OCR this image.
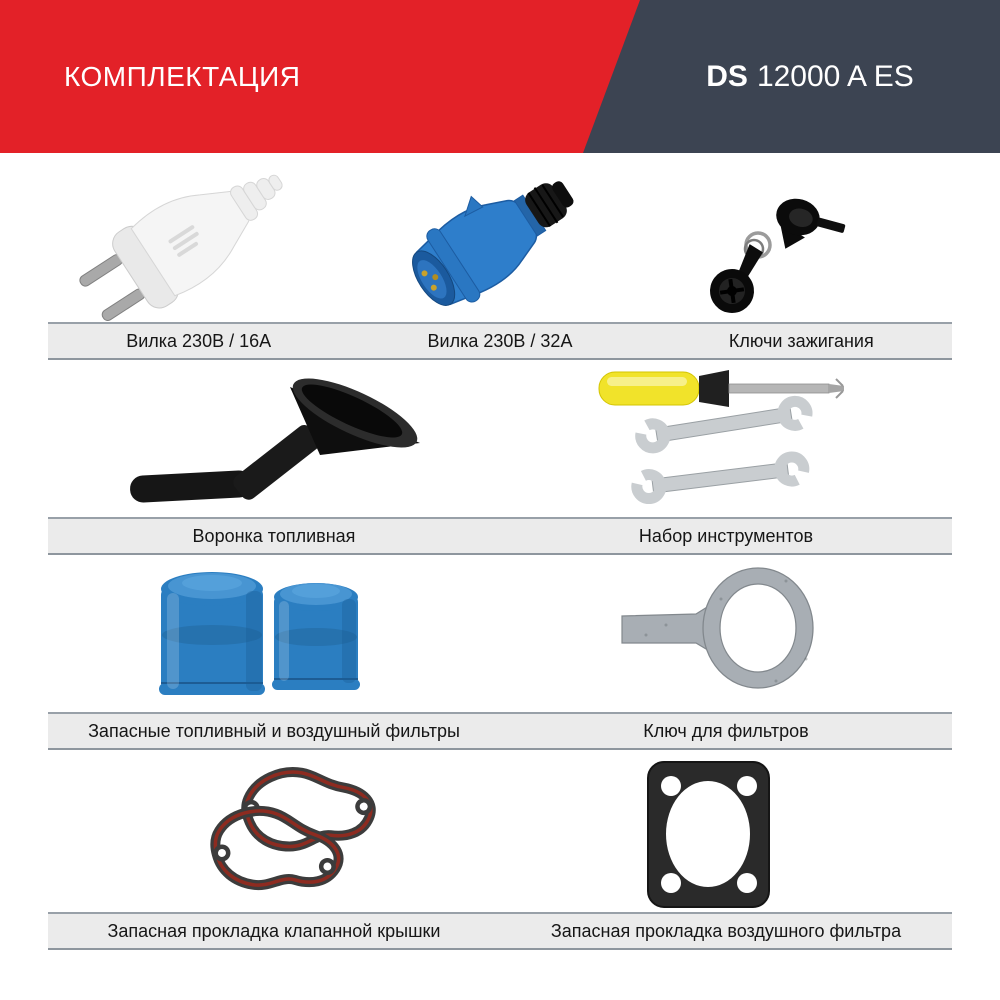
КОМПЛЕКТАЦИЯ	DS 12000 A ES
Вилка 230В / 16А	Вилка 230В / 32А	Ключи зажигания
Воронка топливная	Набор инструментов
Запасные топливный и воздушный фильтры	Ключ для фильтров
Запасная прокладка клапанной крышки	Запасная прокладка воздушного фильтра
